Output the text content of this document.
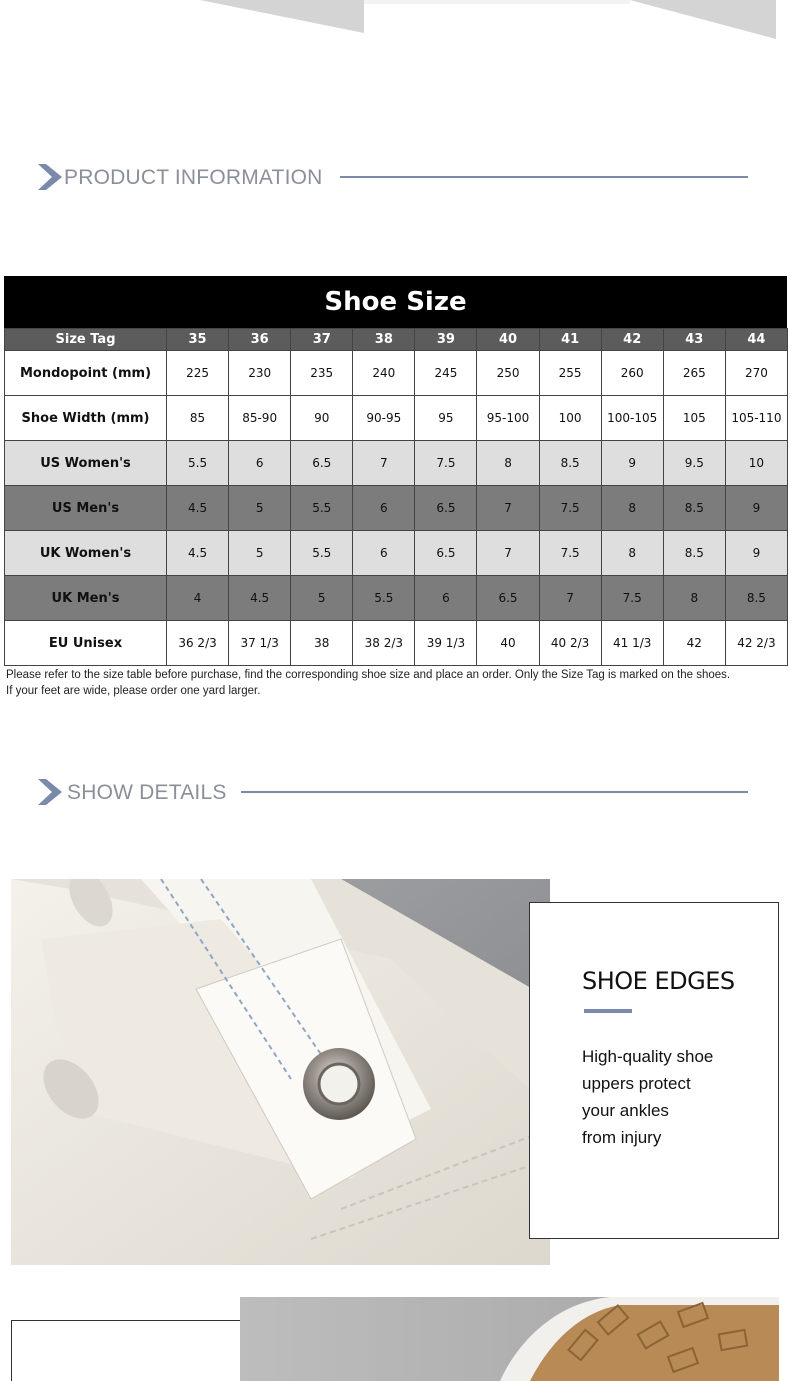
PRODUCT INFORMATION
Shoe Size
Size Tag	35	36	37	38	39	40	41	42	43	44
Mondopoint (mm)	225	230	235	240	245	250	255	260	265	270
Shoe Width (mm)	85	85-90	90	90-95	95	95-100	100	100-105	105	105-110
US Women's	5.5	6	6.5	7	7.5	8	8.5	9	9.5	10
US Men's	4.5	5	5.5	6	6.5	7	7.5	8	8.5	9
UK Women's	4.5	5	5.5	6	6.5	7	7.5	8	8.5	9
UK Men's	4	4.5	5	5.5	6	6.5	7	7.5	8	8.5
EU Unisex	36 2/3	37 1/3	38	38 2/3	39 1/3	40	40 2/3	41 1/3	42	42 2/3
Please refer to the size table before purchase, find the corresponding shoe size and place an order. Only the Size Tag is marked on the shoes.
If your feet are wide, please order one yard larger.
SHOW DETAILS
SHOE EDGES
High-quality shoe
uppers protect
your ankles
from injury
